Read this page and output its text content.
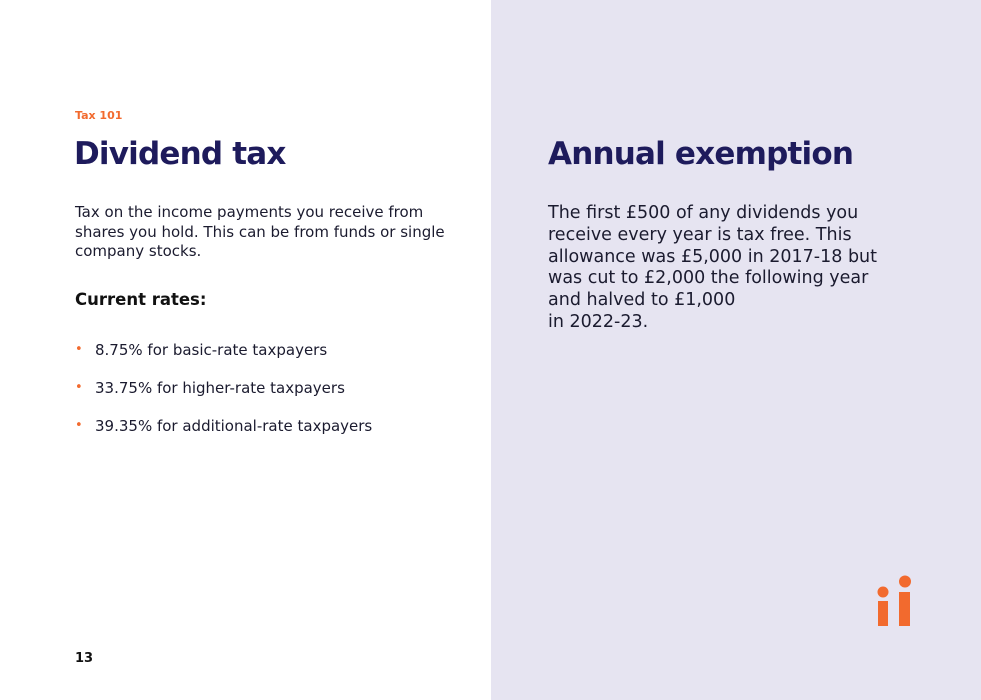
Tax 101
Dividend tax

Tax on the income payments you receive from shares you hold. This can be from funds or single company stocks.

Current rates:
• 8.75% for basic-rate taxpayers
• 33.75% for higher-rate taxpayers
• 39.35% for additional-rate taxpayers
13
Annual exemption

The first £500 of any dividends you
receive every year is tax free. This
allowance was £5,000 in 2017-18 but
was cut to £2,000 the following year
and halved to £1,000
in 2022-23.
